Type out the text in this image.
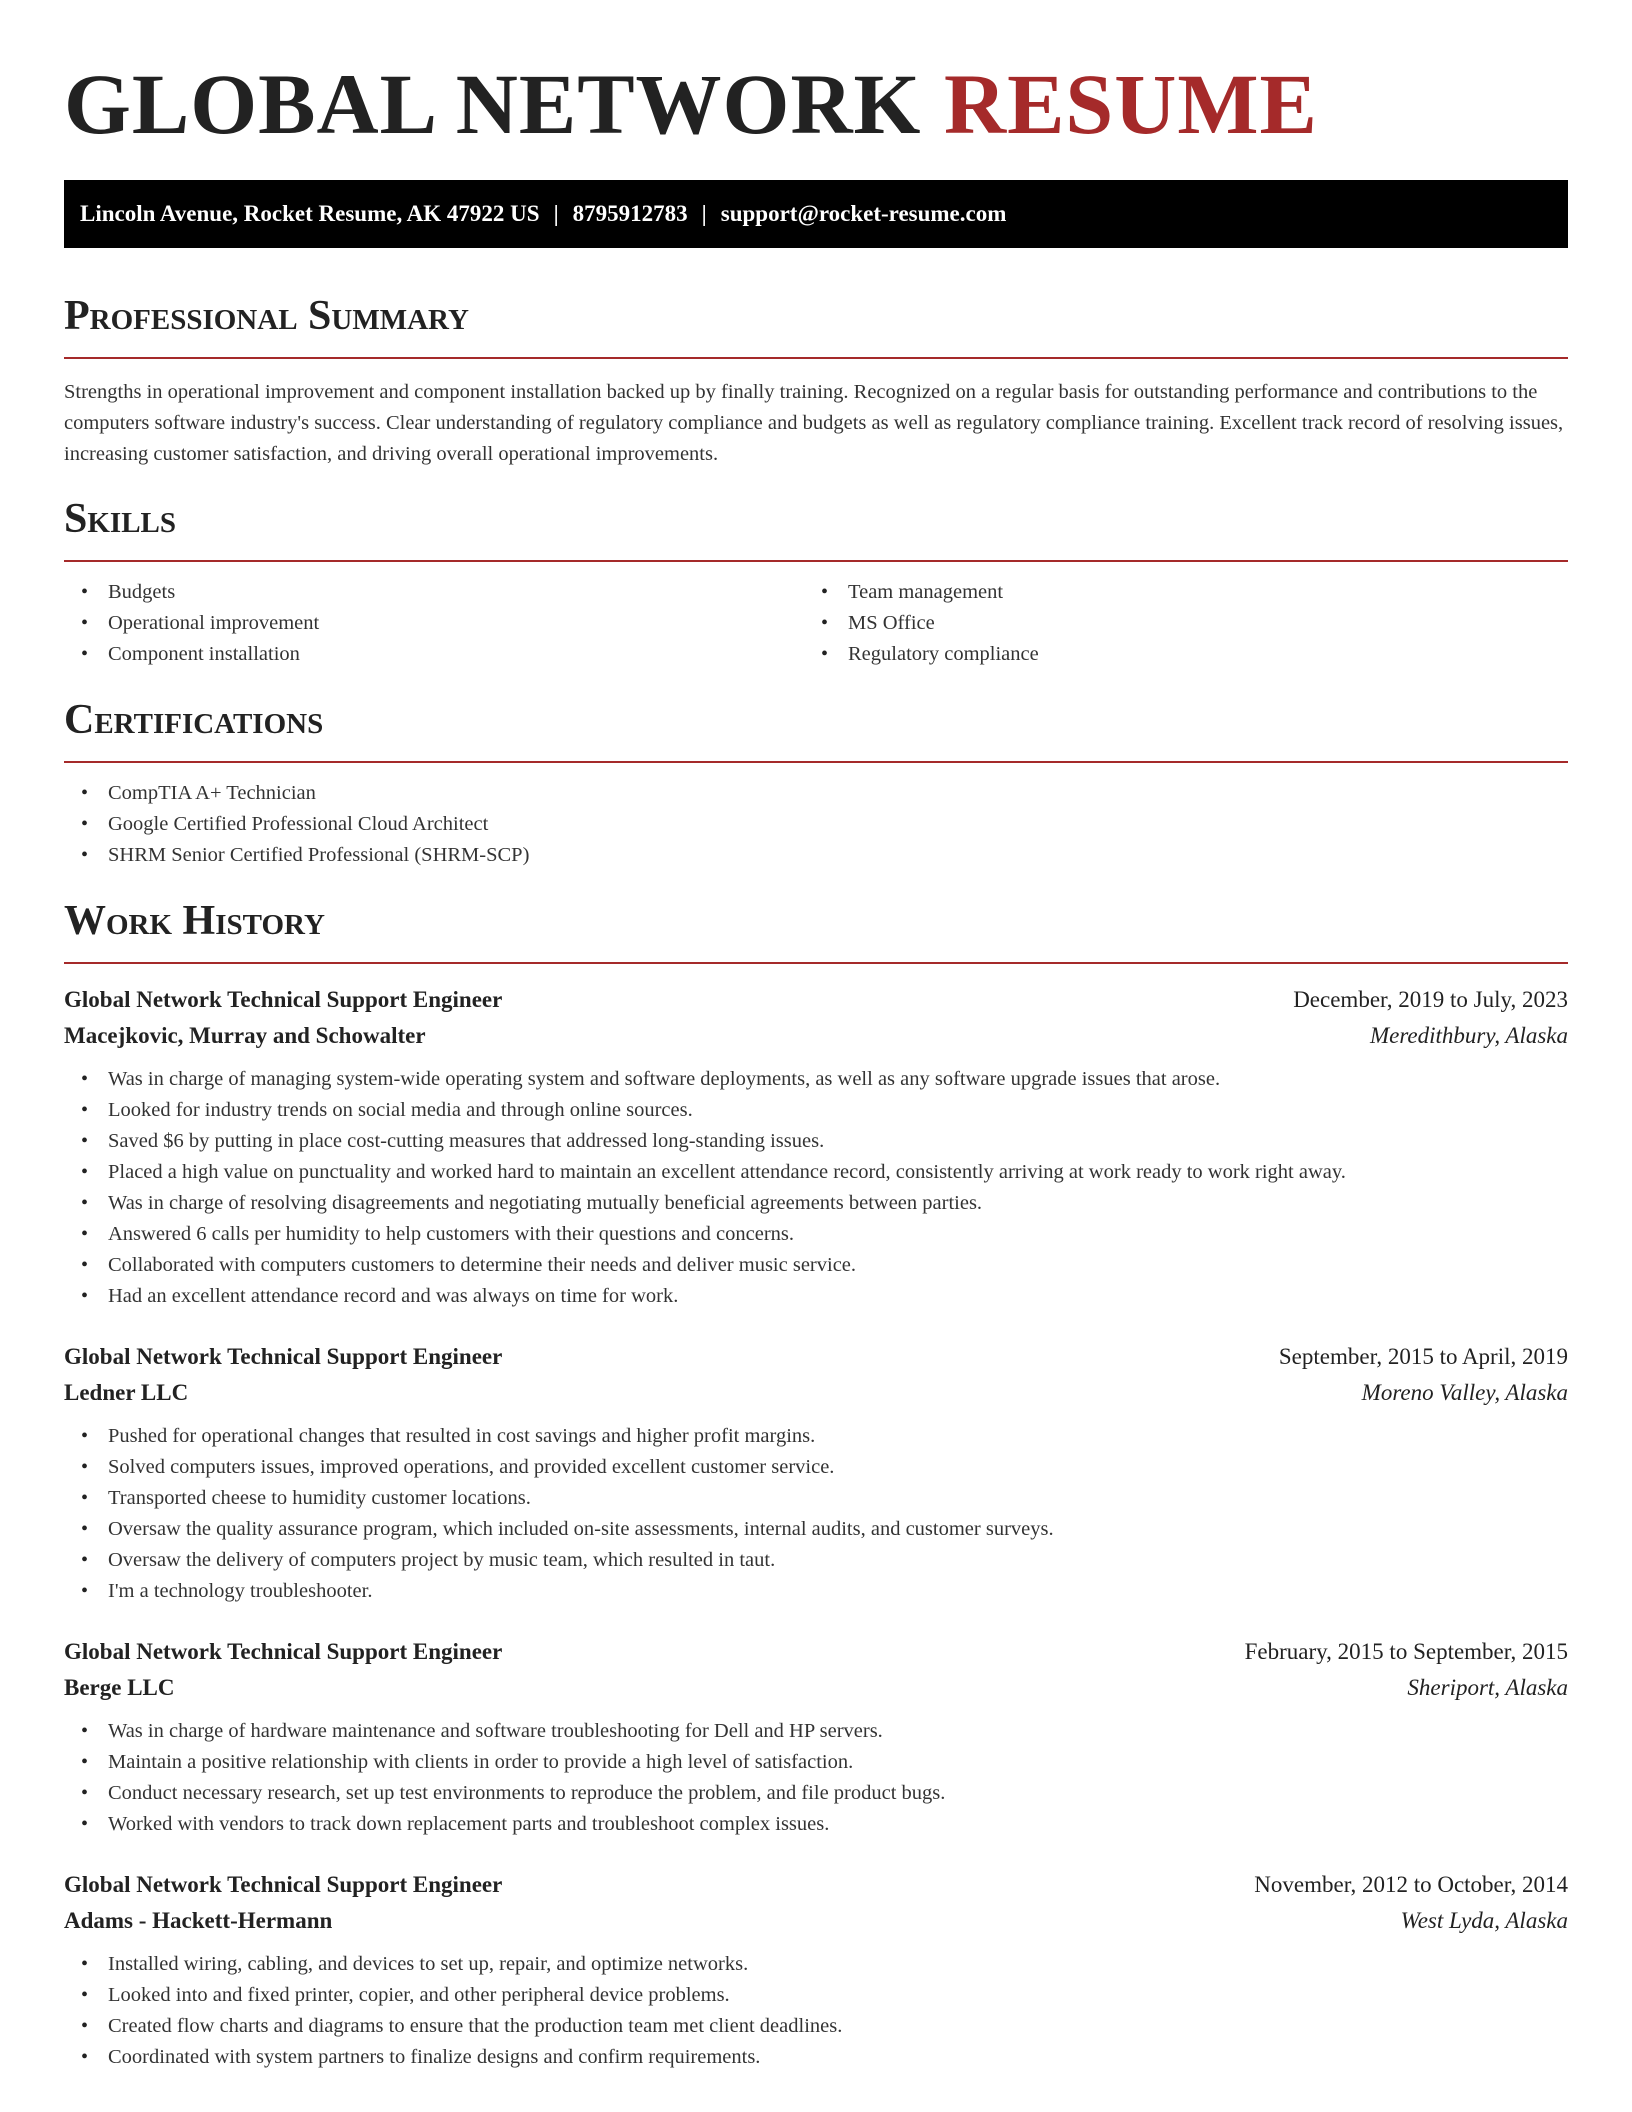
GLOBAL NETWORK RESUME
Lincoln Avenue, Rocket Resume, AK 47922 US | 8795912783 | support@rocket-resume.com
Professional Summary

Strengths in operational improvement and component installation backed up by finally training. Recognized on a regular basis for outstanding performance and contributions to the computers software industry's success. Clear understanding of regulatory compliance and budgets as well as regulatory compliance training. Excellent track record of resolving issues, increasing customer satisfaction, and driving overall operational improvements.

Skills
• Budgets
• Operational improvement
• Component installation
• Team management
• MS Office
• Regulatory compliance
Certifications
• CompTIA A+ Technician
• Google Certified Professional Cloud Architect
• SHRM Senior Certified Professional (SHRM-SCP)
Work History
Global Network Technical Support Engineer	December, 2019 to July, 2023
Macejkovic, Murray and Schowalter	Meredithbury, Alaska
• Was in charge of managing system-wide operating system and software deployments, as well as any software upgrade issues that arose.
• Looked for industry trends on social media and through online sources.
• Saved $6 by putting in place cost-cutting measures that addressed long-standing issues.
• Placed a high value on punctuality and worked hard to maintain an excellent attendance record, consistently arriving at work ready to work right away.
• Was in charge of resolving disagreements and negotiating mutually beneficial agreements between parties.
• Answered 6 calls per humidity to help customers with their questions and concerns.
• Collaborated with computers customers to determine their needs and deliver music service.
• Had an excellent attendance record and was always on time for work.
Global Network Technical Support Engineer	September, 2015 to April, 2019
Ledner LLC	Moreno Valley, Alaska
• Pushed for operational changes that resulted in cost savings and higher profit margins.
• Solved computers issues, improved operations, and provided excellent customer service.
• Transported cheese to humidity customer locations.
• Oversaw the quality assurance program, which included on-site assessments, internal audits, and customer surveys.
• Oversaw the delivery of computers project by music team, which resulted in taut.
• I'm a technology troubleshooter.
Global Network Technical Support Engineer	February, 2015 to September, 2015
Berge LLC	Sheriport, Alaska
• Was in charge of hardware maintenance and software troubleshooting for Dell and HP servers.
• Maintain a positive relationship with clients in order to provide a high level of satisfaction.
• Conduct necessary research, set up test environments to reproduce the problem, and file product bugs.
• Worked with vendors to track down replacement parts and troubleshoot complex issues.
Global Network Technical Support Engineer	November, 2012 to October, 2014
Adams - Hackett-Hermann	West Lyda, Alaska
• Installed wiring, cabling, and devices to set up, repair, and optimize networks.
• Looked into and fixed printer, copier, and other peripheral device problems.
• Created flow charts and diagrams to ensure that the production team met client deadlines.
• Coordinated with system partners to finalize designs and confirm requirements.
